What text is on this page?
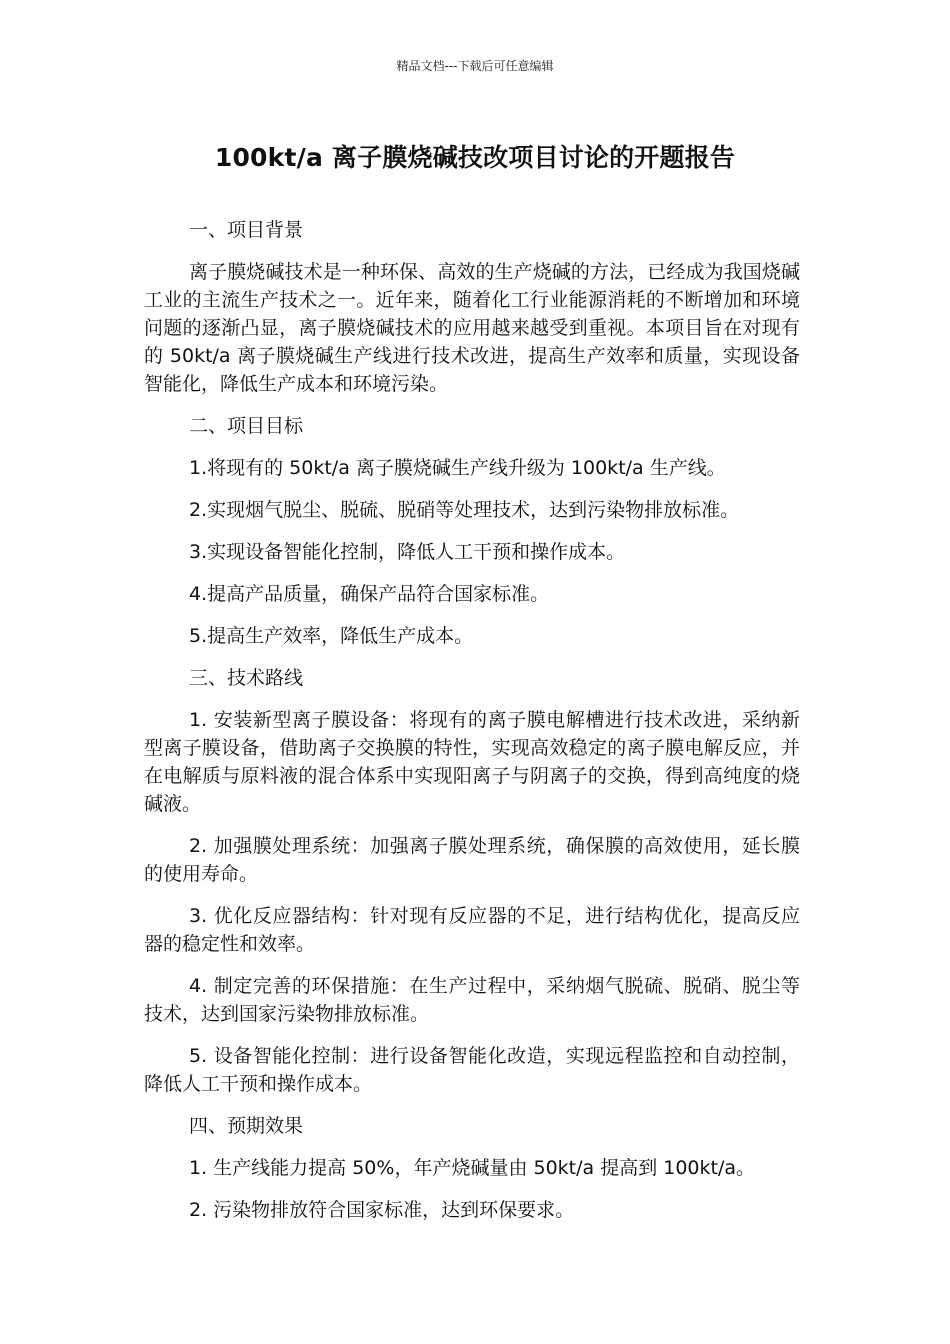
精品文档---下载后可任意编辑
100kt/a 离子膜烧碱技改项目讨论的开题报告

一、项目背景

离子膜烧碱技术是一种环保、高效的生产烧碱的方法，已经成为我国烧碱工业的主流生产技术之一。近年来，随着化工行业能源消耗的不断增加和环境问题的逐渐凸显，离子膜烧碱技术的应用越来越受到重视。本项目旨在对现有的 50kt/a 离子膜烧碱生产线进行技术改进，提高生产效率和质量，实现设备智能化，降低生产成本和环境污染。

二、项目目标

1.将现有的 50kt/a 离子膜烧碱生产线升级为 100kt/a 生产线。

2.实现烟气脱尘、脱硫、脱硝等处理技术，达到污染物排放标准。

3.实现设备智能化控制，降低人工干预和操作成本。

4.提高产品质量，确保产品符合国家标准。

5.提高生产效率，降低生产成本。

三、技术路线

1. 安装新型离子膜设备：将现有的离子膜电解槽进行技术改进，采纳新型离子膜设备，借助离子交换膜的特性，实现高效稳定的离子膜电解反应，并在电解质与原料液的混合体系中实现阳离子与阴离子的交换，得到高纯度的烧碱液。

2. 加强膜处理系统：加强离子膜处理系统，确保膜的高效使用，延长膜的使用寿命。

3. 优化反应器结构：针对现有反应器的不足，进行结构优化，提高反应器的稳定性和效率。

4. 制定完善的环保措施：在生产过程中，采纳烟气脱硫、脱硝、脱尘等技术，达到国家污染物排放标准。

5. 设备智能化控制：进行设备智能化改造，实现远程监控和自动控制，降低人工干预和操作成本。

四、预期效果

1. 生产线能力提高 50%，年产烧碱量由 50kt/a 提高到 100kt/a。

2. 污染物排放符合国家标准，达到环保要求。
